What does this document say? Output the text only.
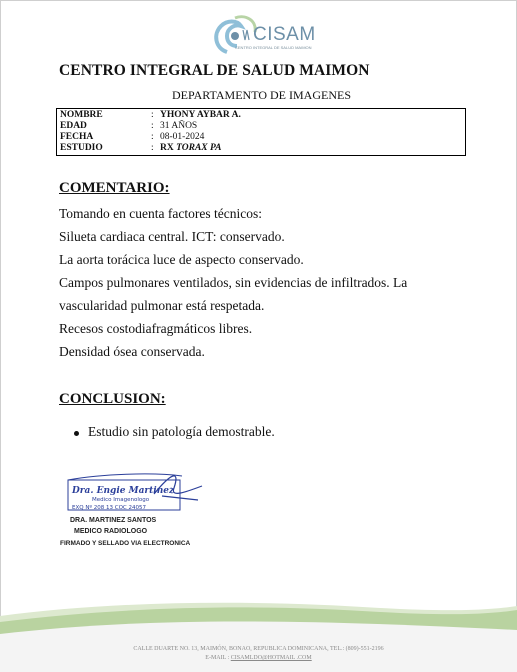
CISAM
CENTRO INTEGRAL DE SALUD MAIMON
CENTRO INTEGRAL DE SALUD MAIMON
DEPARTAMENTO DE IMAGENES
NOMBRE	: YHONY AYBAR A.
EDAD	: 31 AÑOS
FECHA	: 08-01-2024
ESTUDIO	: RX TORAX PA
COMENTARIO:
Tomando en cuenta factores técnicos:
Silueta cardiaca central. ICT: conservado.
La aorta torácica luce de aspecto conservado.
Campos pulmonares ventilados, sin evidencias de infiltrados. La
vascularidad pulmonar está respetada.
Recesos costodiafragmáticos libres.
Densidad ósea conservada.
CONCLUSION:
Estudio sin patología demostrable.
Dra. Engie Martinez
Medico Imagenologo
EXQ Nº 208 13 COC 24057
DRA. MARTINEZ SANTOS
MEDICO RADIOLOGO
FIRMADO Y SELLADO VIA ELECTRONICA
CALLE DUARTE NO. 13, MAIMÓN, BONAO, REPUBLICA DOMINICANA, TEL.: (809)-551-2196
E-MAIL : CISAMLDO@HOTMAIL .COM
